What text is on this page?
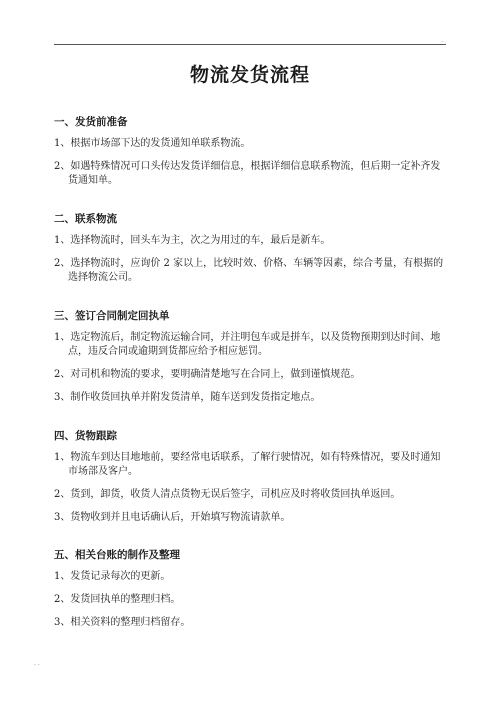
.
物流发货流程
一、发货前准备
1、根据市场部下达的发货通知单联系物流。
2、如遇特殊情况可口头传达发货详细信息，根据详细信息联系物流，但后期一定补齐发
货通知单。
二、联系物流
1、选择物流时，回头车为主，次之为用过的车，最后是新车。
2、选择物流时，应询价 2 家以上，比较时效、价格、车辆等因素，综合考量，有根据的
选择物流公司。
三、签订合同制定回执单
1、选定物流后，制定物流运输合同，并注明包车或是拼车，以及货物预期到达时间、地
点，违反合同或逾期到货都应给予相应惩罚。
2、对司机和物流的要求，要明确清楚地写在合同上，做到谨慎规范。
3、制作收货回执单并附发货清单，随车送到发货指定地点。
四、货物跟踪
1、物流车到达目地地前，要经常电话联系，了解行驶情况，如有特殊情况，要及时通知
市场部及客户。
2、货到，卸货，收货人清点货物无误后签字，司机应及时将收货回执单返回。
3、货物收到并且电话确认后，开始填写物流请款单。
五、相关台账的制作及整理
1、发货记录每次的更新。
2、发货回执单的整理归档。
3、相关资料的整理归档留存。
. .
